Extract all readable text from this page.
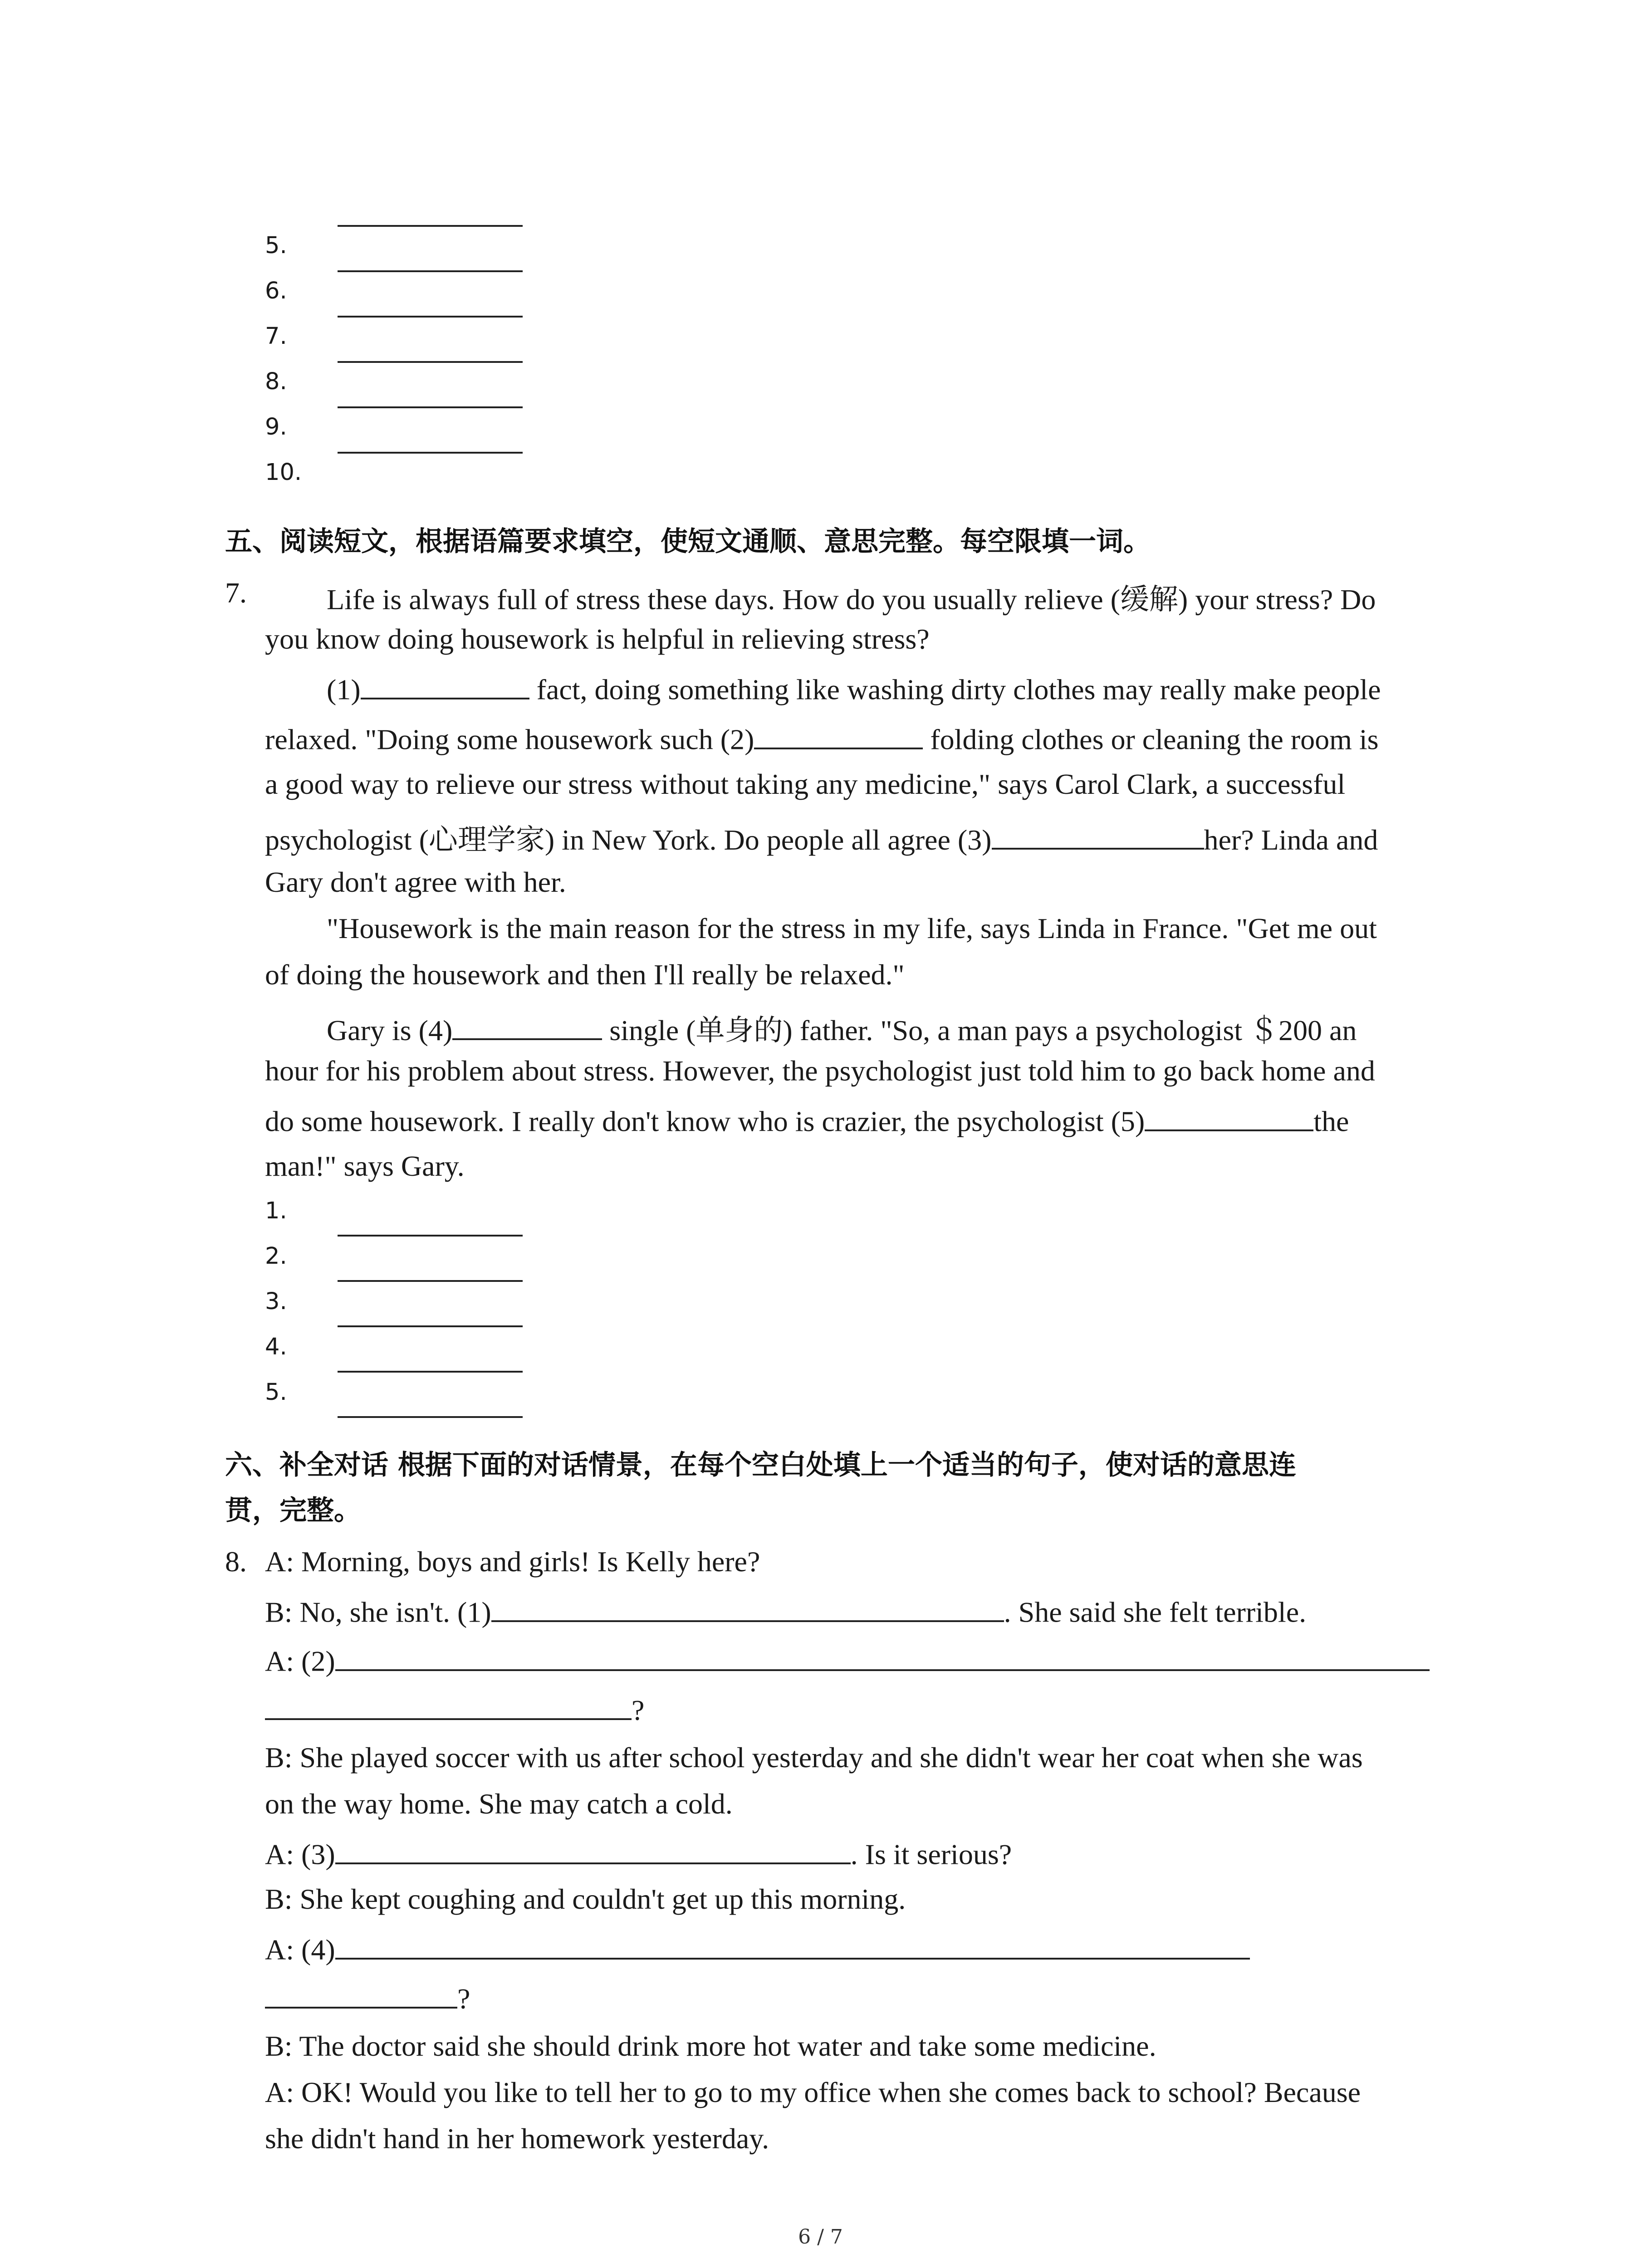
5.
6.
7.
8.
9.
10.
五、阅读短文，根据语篇要求填空，使短文通顺、意思完整。每空限填一词。
7.	Life is always full of stress these days. How do you usually relieve (缓解) your stress? Do
you know doing housework is helpful in relieving stress?
(1)	fact, doing something like washing dirty clothes may really make people
relaxed. "Doing some housework such (2)	folding clothes or cleaning the room is
a good way to relieve our stress without taking any medicine," says Carol Clark, a successful
psychologist (心理学家) in New York. Do people all agree (3)	her? Linda and
Gary don't agree with her.
"Housework is the main reason for the stress in my life, says Linda in France. "Get me out
of doing the housework and then I'll really be relaxed."
Gary is (4)	single (单身的) father. "So, a man pays a psychologist ＄200 an
hour for his problem about stress. However, the psychologist just told him to go back home and
do some housework. I really don't know who is crazier, the psychologist (5)	the
man!" says Gary.
1.
2.
3.
4.
5.
六、补全对话 根据下面的对话情景，在每个空白处填上一个适当的句子，使对话的意思连
贯，完整。
8. A: Morning, boys and girls! Is Kelly here?
B: No, she isn't. (1)	. She said she felt terrible.
A: (2)
?
B: She played soccer with us after school yesterday and she didn't wear her coat when she was
on the way home. She may catch a cold.
A: (3)	. Is it serious?
B: She kept coughing and couldn't get up this morning.
A: (4)
?
B: The doctor said she should drink more hot water and take some medicine.
A: OK! Would you like to tell her to go to my office when she comes back to school? Because
she didn't hand in her homework yesterday.
6 / 7
